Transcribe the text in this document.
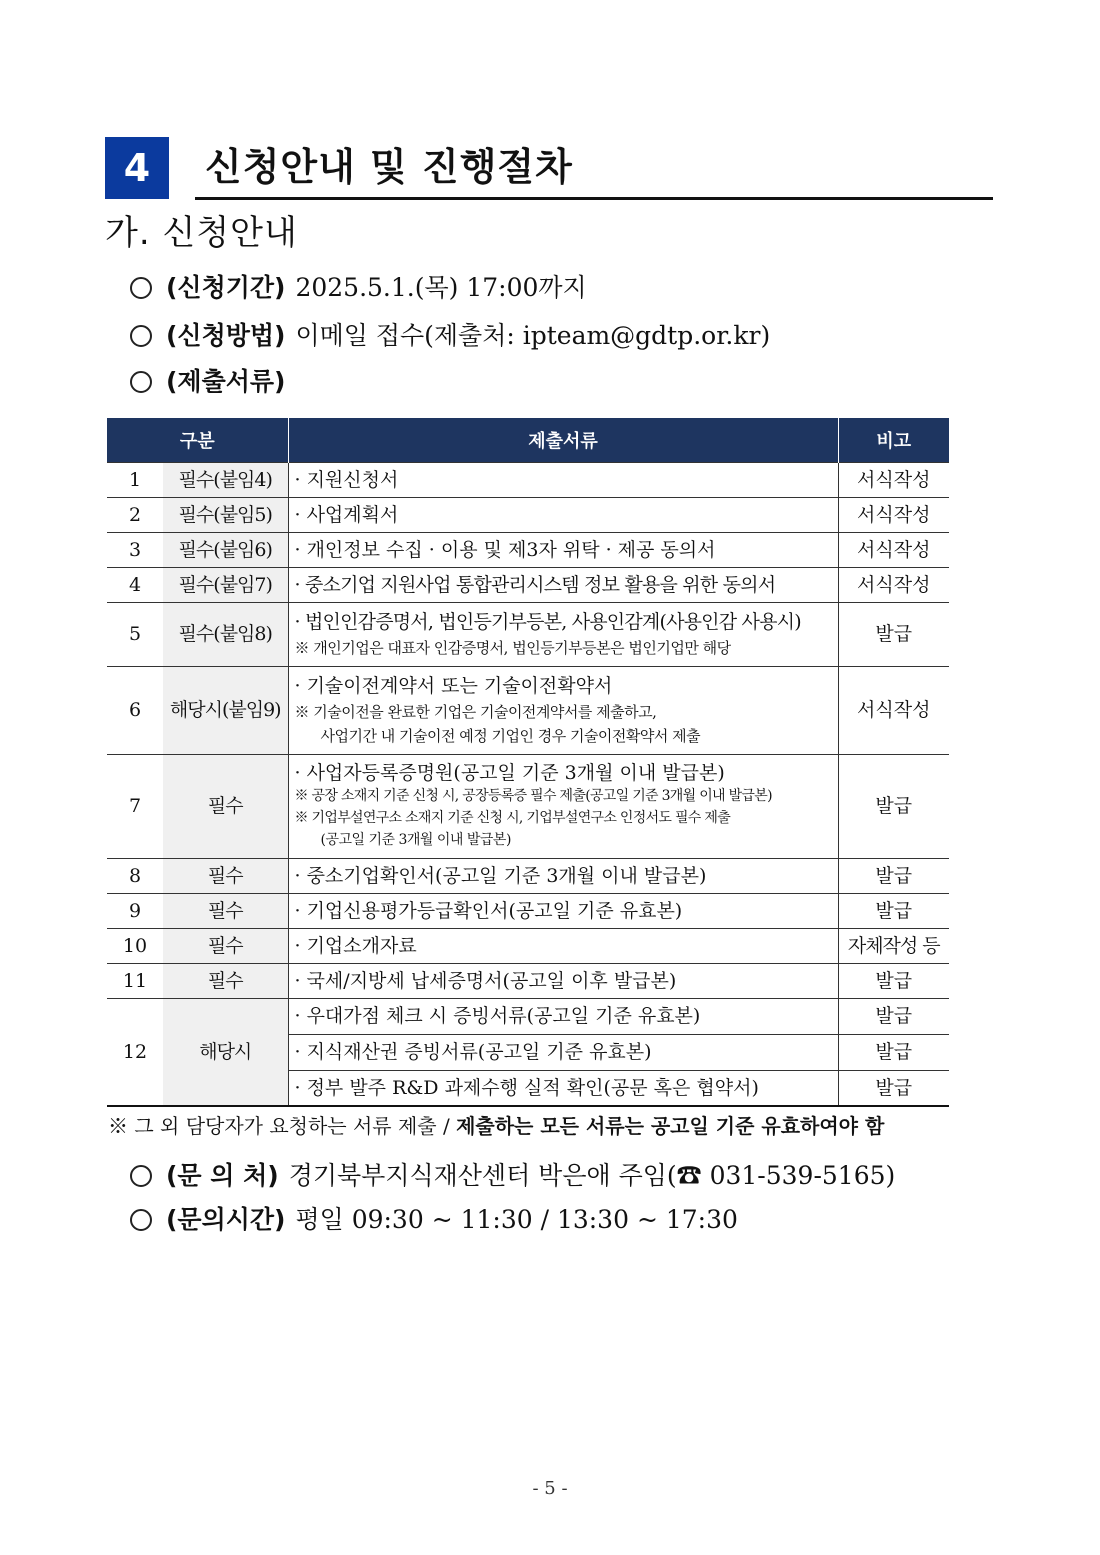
4	신청안내 및 진행절차
가. 신청안내
(신청기간) 2025.5.1.(목) 17:00까지
(신청방법) 이메일 접수(제출처: ipteam@gdtp.or.kr)
(제출서류)
구분		제출서류	비고
1	필수(붙임4)	· 지원신청서	서식작성
2	필수(붙임5)	· 사업계획서	서식작성
3	필수(붙임6)	· 개인정보 수집 · 이용 및 제3자 위탁 · 제공 동의서	서식작성
4	필수(붙임7)	· 중소기업 지원사업 통합관리시스템 정보 활용을 위한 동의서	서식작성
5	필수(붙임8)	· 법인인감증명서, 법인등기부등본, 사용인감계(사용인감 사용시)
※ 개인기업은 대표자 인감증명서, 법인등기부등본은 법인기업만 해당	발급
6	해당시(붙임9)	· 기술이전계약서 또는 기술이전확약서
※ 기술이전을 완료한 기업은 기술이전계약서를 제출하고,
사업기간 내 기술이전 예정 기업인 경우 기술이전확약서 제출	서식작성
7	필수	· 사업자등록증명원(공고일 기준 3개월 이내 발급본)
※ 공장 소재지 기준 신청 시, 공장등록증 필수 제출(공고일 기준 3개월 이내 발급본)
※ 기업부설연구소 소재지 기준 신청 시, 기업부설연구소 인정서도 필수 제출
(공고일 기준 3개월 이내 발급본)	발급
8	필수	· 중소기업확인서(공고일 기준 3개월 이내 발급본)	발급
9	필수	· 기업신용평가등급확인서(공고일 기준 유효본)	발급
10	필수	· 기업소개자료	자체작성 등
11	필수	· 국세/지방세 납세증명서(공고일 이후 발급본)	발급
12	해당시	· 우대가점 체크 시 증빙서류(공고일 기준 유효본)	발급
		· 지식재산권 증빙서류(공고일 기준 유효본)	발급
		· 정부 발주 R&D 과제수행 실적 확인(공문 혹은 협약서)	발급
※ 그 외 담당자가 요청하는 서류 제출 / 제출하는 모든 서류는 공고일 기준 유효하여야 함
(문 의 처) 경기북부지식재산센터 박은애 주임(☎ 031-539-5165)
(문의시간) 평일 09:30 ~ 11:30 / 13:30 ~ 17:30
- 5 -
